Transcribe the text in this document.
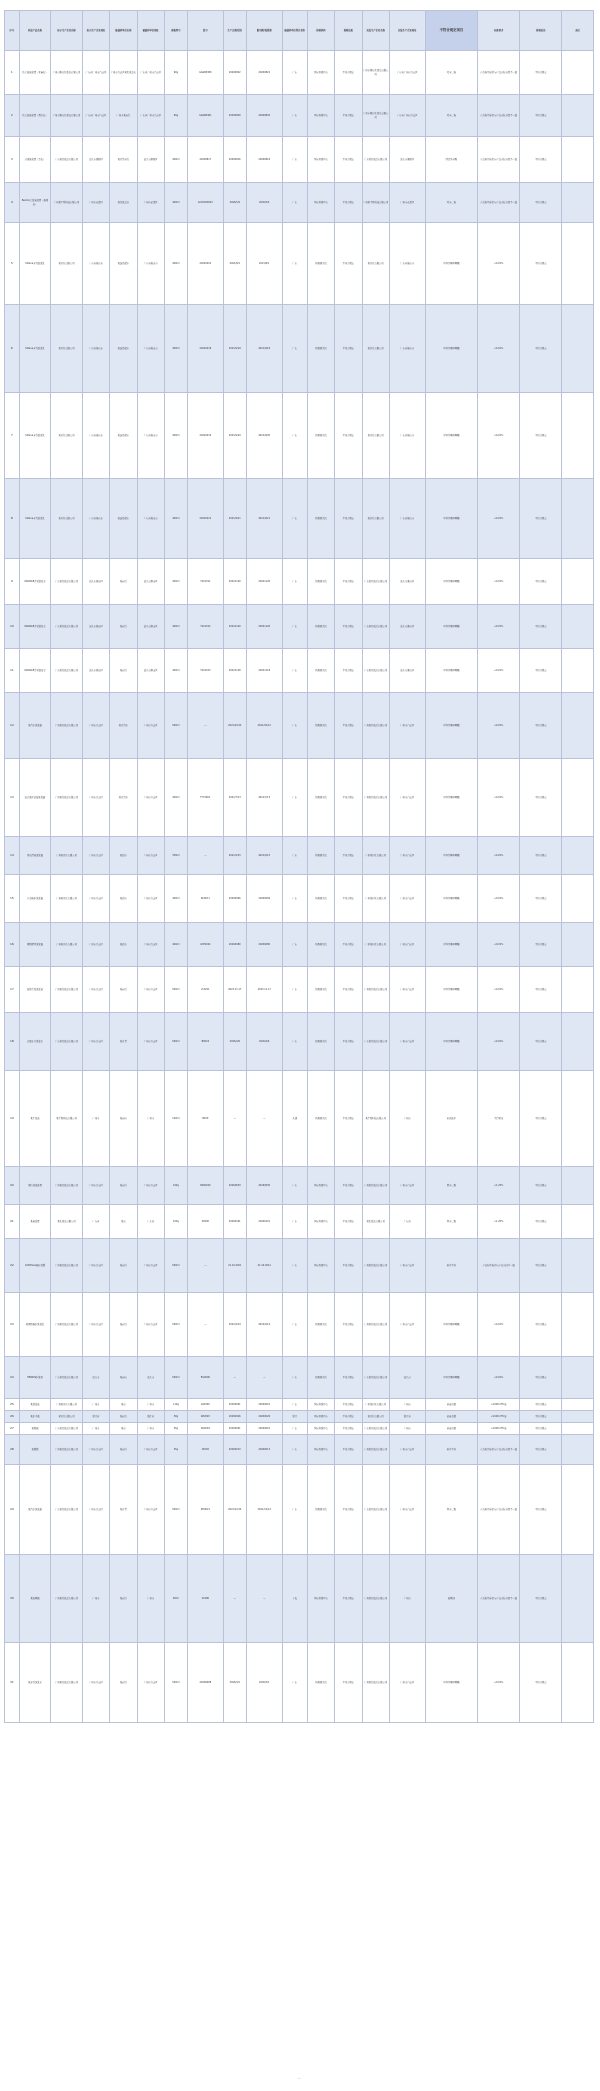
序号	样品产品名称	标示生产企业名称	标示生产企业地址	被抽样单位名称	被抽样单位地址	规格型号	批号	生产日期/批次	限用期/保质期	被抽样单位所在省份	检验机构	检验结果	实际生产企业名称	实际生产企业地址	不符合规定项目	标准要求	检验结论	备注
1	怡美姿染发膏（亚麻棕）	广州市雅诗化妆品有限公司	广东省广州市白云区	广州市白云区某化妆品店	广东省广州市白云区	90g	GAGB0380	20200822	20200822	广东	国家检测中心	不符合规定	广州市雅诗化妆品有限公司	广东省广州市白云区	对苯二胺	产品标签标识与产品实际含量不一致	不符合规定	
2	怡美姿染发膏（酒红色）	广州市雅诗化妆品有限公司	广东省广州市白云区	广州市某商行	广东省广州市白云区	90g	GAGB0401	20200820	20200820	广东	国家检测中心	不符合规定	广州市雅诗化妆品有限公司	广东省广州市白云区	对苯二胺	产品标签标识与产品实际含量不一致	不符合规定	
3	养颜染发膏（黑色）	广东某化妆品有限公司	汕头市潮阳区	某百货商行	汕头市潮阳区	400ml	20200817	20200816	20200816	广东	国家检测中心	不符合规定	广东某化妆品有限公司	汕头市潮阳区	间氨基苯酚	产品标签标识与产品实际含量不一致	不符合规定	
4	Belodo美发染发膏（咖啡色）	广州某生物科技有限公司	广州市花都区	某化妆品店	广州市花都区	400ml	AC20200043	2026/5/4	2026/5/4	广东	国家检测中心	不符合规定	广州某生物科技有限公司	广州市花都区	对苯二胺	产品标签标识与产品实际含量不一致	不符合规定	
5	Siltena芳香洗发乳	某日化有限公司	广东省佛山市	某连锁超市	广东省佛山市	400ml	20220201	2021/8/1	2021/8/1	广东	检测研究院	不符合规定	某日化有限公司	广东省佛山市	甲基异噻唑啉酮	≤0.01%	不符合规定	
6	Siltena芳香洗发乳	某日化有限公司	广东省佛山市	某连锁超市	广东省佛山市	400ml	20220218	2021/9/18	2021/9/18	广东	检测研究院	不符合规定	某日化有限公司	广东省佛山市	甲基异噻唑啉酮	≤0.01%	不符合规定	
7	Siltena芳香洗发乳	某日化有限公司	广东省佛山市	某连锁超市	广东省佛山市	400ml	20220210	2021/9/20	2021/9/20	广东	检测研究院	不符合规定	某日化有限公司	广东省佛山市	甲基异噻唑啉酮	≤0.01%	不符合规定	
8	Siltena芳香洗发乳	某日化有限公司	广东省佛山市	某连锁超市	广东省佛山市	400ml	20220221	2021/9/21	2021/9/21	广东	检测研究院	不符合规定	某日化有限公司	广东省佛山市	甲基异噻唑啉酮	≤0.01%	不符合规定	
9	ORANGE香氛洗发水	广东某化妆品有限公司	汕头市潮南区	某商行	汕头市潮南区	400ml	YSC2011	20221120	20221120	广东	检测研究院	不符合规定	广东某化妆品有限公司	汕头市潮南区	甲基异噻唑啉酮	≤0.01%	不符合规定	
10	ORANGE香氛洗发水	广东某化妆品有限公司	汕头市潮南区	某商行	汕头市潮南区	400ml	YSC2012	20221120	20221120	广东	检测研究院	不符合规定	广东某化妆品有限公司	汕头市潮南区	甲基异噻唑啉酮	≤0.01%	不符合规定	
11	ORANGE香氛洗发水	广东某化妆品有限公司	汕头市潮南区	某商行	汕头市潮南区	400ml	YSC2013	20221118	20221118	广东	检测研究院	不符合规定	广东某化妆品有限公司	汕头市潮南区	甲基异噻唑啉酮	≤0.01%	不符合规定	
12	某香水洗发露	广州某化妆品有限公司	广州市白云区	某百货店	广州市白云区	500ml	—	2021/10/12	2021/10/12	广东	检测研究院	不符合规定	广州某化妆品有限公司	广州市白云区	甲基异噻唑啉酮	≤0.01%	不符合规定	
13	滋养洗护套装洗发露	广州某化妆品有限公司	广州市白云区	某百货店	广州市白云区	400ml	FYT2001	2021/7/13	2021/7/13	广东	检测研究院	不符合规定	广州某化妆品有限公司	广州市白云区	甲基异噻唑啉酮	≤0.01%	不符合规定	
14	薄荷清爽洗发露	广州某日化有限公司	广州市白云区	某超市	广州市白云区	350ml	—	2021/4/15	2021/4/15	广东	检测研究院	不符合规定	广州某日化有限公司	广州市白云区	甲基异噻唑啉酮	≤0.01%	不符合规定	
15	芦荟修护洗发露	广州某日化有限公司	广州市白云区	某超市	广州市白云区	400ml	RC0071	20200006	20200006	广东	检测研究院	不符合规定	广州某日化有限公司	广州市白云区	甲基异噻唑啉酮	≤0.01%	不符合规定	
16	植物精华洗发露	广州某日化有限公司	广州市白云区	某超市	广州市白云区	400ml	GYE2024	20200080	20200080	广东	检测研究院	不符合规定	广州某日化有限公司	广州市白云区	甲基异噻唑啉酮	≤0.01%	不符合规定	
17	防脱生发洗发液	广州某化妆品有限公司	广州市白云区	某商行	广州市白云区	500ml	Z.0291	2023.11.17	2023.11.17	广东	检测研究院	不符合规定	广州某化妆品有限公司	广州市白云区	甲基异噻唑啉酮	≤0.01%	不符合规定	
18	去屑止痒洗发水	广东某化妆品有限公司	广州市白云区	某百货	广州市白云区	500ml	B0024	2026/2/6	2026/2/6	广东	检测研究院	不符合规定	广东某化妆品有限公司	广州市白云区	甲基异噻唑啉酮	≤0.01%	不符合规定	
19	某生发液	某生物科技有限公司	广州市	某商店	广州市	120ml	B020	—	—	天津	检测研究院	不符合规定	某生物科技有限公司	广州市	米诺地尔	不得检出	不符合规定	
20	某特效染发膏	广州某化妆品有限公司	广州市白云区	某商行	广州市白云区	100g	SR00020	2026/8/30	2026/8/30	广东	国家检测中心	不符合规定	广州某化妆品有限公司	广州市白云区	间苯二酚	≤1.25%	不符合规定	
21	某染发膏	某化妆品有限公司	广东省	某店	广东省	100g	S2000	20200101	20200101	广东	国家检测中心	不符合规定	某化妆品有限公司	广东省	间苯二酚	≤1.25%	不符合规定	
22	CANTILLA修护发膜	广州某化妆品有限公司	广州市白云区	某商行	广州市白云区	500ml	—	21.10.2021	21.10.2021	广东	国家检测中心	不符合规定	广州某化妆品有限公司	广州市白云区	标签不符	产品标签标识与产品实际不一致	不符合规定	
23	某植物修护洗发乳	广州某化妆品有限公司	广州市白云区	某商行	广州市白云区	500ml	—	2022/4/19	2022/4/19	广东	检测研究院	不符合规定	广州某化妆品有限公司	广州市白云区	甲基异噻唑啉酮	≤0.01%	不符合规定	
24	HEIRUN护发素	广东某化妆品有限公司	汕头市	某商店	汕头市	500ml	EG0000	—	—	广东	检测研究院	不符合规定	广东某化妆品有限公司	汕头市	甲基异噻唑啉酮	≤0.01%	不符合规定	
25	某洗发液	广州某日化有限公司	广州市	某店	广州市	110g	A00392	20200001	20200001	广东	国家检测中心	不符合规定	广州某日化有限公司	广州市	菌落总数	≤1000 CFU/g	不符合规定	
26	某护手霜	某日化有限公司	浙江省	某商行	浙江省	50g	ZZ2003	20200026	20200026	浙江	国家检测中心	不符合规定	某日化有限公司	浙江省	菌落总数	≤1000 CFU/g	不符合规定	
27	某面霜	广东某化妆品有限公司	广州市	某店	广州市	25g	SR2004	20200001	20200001	广东	国家检测中心	不符合规定	广东某化妆品有限公司	广州市	菌落总数	≤1000 CFU/g	不符合规定	
28	某面膜	广州某化妆品有限公司	广州市白云区	某商行	广州市白云区	25g	AT020	20200013	20200013	广东	国家检测中心	不符合规定	广州某化妆品有限公司	广州市白云区	标签不符	产品标签标识与产品实际含量不一致	不符合规定	
29	某香水洗发露	广东某化妆品有限公司	广州市白云区	某百货	广州市白云区	500ml	ZH0021	2021/12/14	2021/12/14	广东	检测研究院	不符合规定	广东某化妆品有限公司	广州市白云区	间苯二酚	产品标签标识与产品实际含量不一致	不符合规定	
30	某防晒霜	广州某化妆品有限公司	广州市	某商行	广州市	60ml	20180	—	—	上海	国家检测中心	不符合规定	广州某化妆品有限公司	广州市	防晒剂	产品标签标识与产品实际含量不一致	不符合规定	
31	某芳香洗发水	广州某化妆品有限公司	广州市白云区	某商行	广州市白云区	500ml	20200088	2026/3/1	2026/3/1	广东	检测研究院	不符合规定	广州某化妆品有限公司	广州市白云区	甲基异噻唑啉酮	≤0.01%	不符合规定	
—
